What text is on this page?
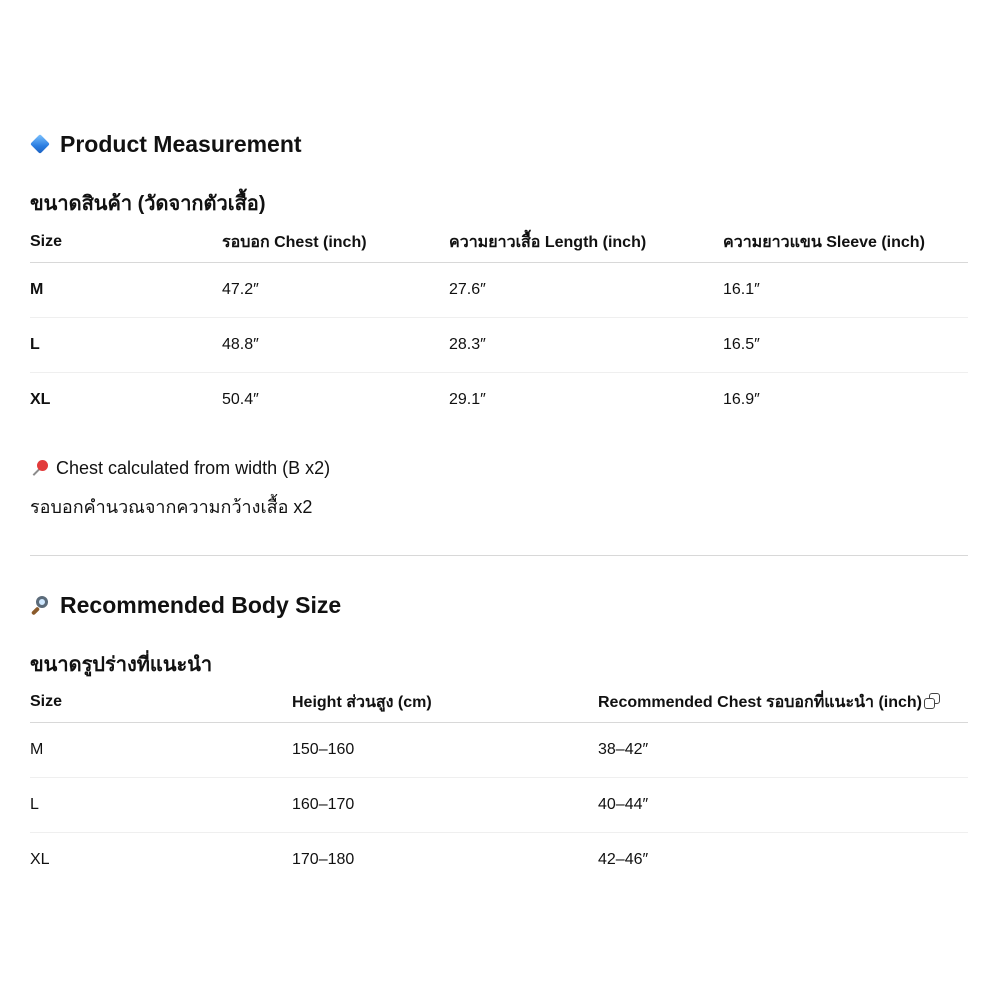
Product Measurement
ขนาดสินค้า (วัดจากตัวเสื้อ)
Size	รอบอก Chest (inch)	ความยาวเสื้อ Length (inch)	ความยาวแขน Sleeve (inch)
M	47.2″	27.6″	16.1″
L	48.8″	28.3″	16.5″
XL	50.4″	29.1″	16.9″
Chest calculated from width (B x2)
รอบอกคำนวณจากความกว้างเสื้อ x2
Recommended Body Size
ขนาดรูปร่างที่แนะนำ
Size	Height ส่วนสูง (cm)	Recommended Chest รอบอกที่แนะนำ (inch)

M	150–160	38–42″
L	160–170	40–44″
XL	170–180	42–46″
